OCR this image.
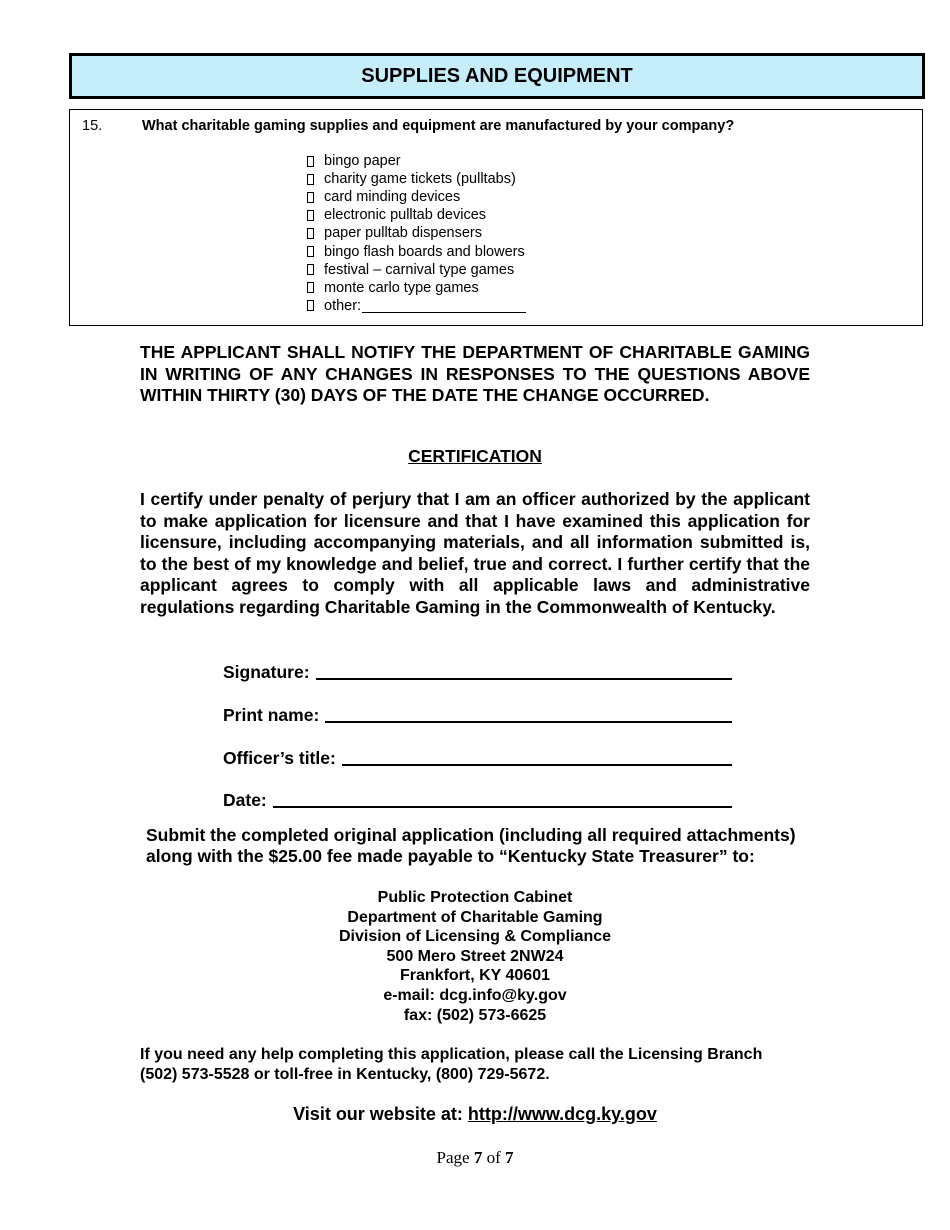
SUPPLIES AND EQUIPMENT
15.	What charitable gaming supplies and equipment are manufactured by your company?
bingo paper
charity game tickets (pulltabs)
card minding devices
electronic pulltab devices
paper pulltab dispensers
bingo flash boards and blowers
festival – carnival type games
monte carlo type games
other:
THE APPLICANT SHALL NOTIFY THE DEPARTMENT OF CHARITABLE GAMING IN WRITING OF ANY CHANGES IN RESPONSES TO THE QUESTIONS ABOVE WITHIN THIRTY (30) DAYS OF THE DATE THE CHANGE OCCURRED.
CERTIFICATION
I certify under penalty of perjury that I am an officer authorized by the applicant to make application for licensure and that I have examined this application for licensure, including accompanying materials, and all information submitted is, to the best of my knowledge and belief, true and correct. I further certify that the applicant agrees to comply with all applicable laws and administrative regulations regarding Charitable Gaming in the Commonwealth of Kentucky.
Signature:
Print name:
Officer’s title:
Date:
Submit the completed original application (including all required attachments)
along with the $25.00 fee made payable to “Kentucky State Treasurer” to:
Public Protection Cabinet
Department of Charitable Gaming
Division of Licensing & Compliance
500 Mero Street 2NW24
Frankfort, KY 40601
e-mail: dcg.info@ky.gov
fax: (502) 573-6625
If you need any help completing this application, please call the Licensing Branch
(502) 573-5528 or toll-free in Kentucky, (800) 729-5672.
Visit our website at: http://www.dcg.ky.gov
Page 7 of 7
